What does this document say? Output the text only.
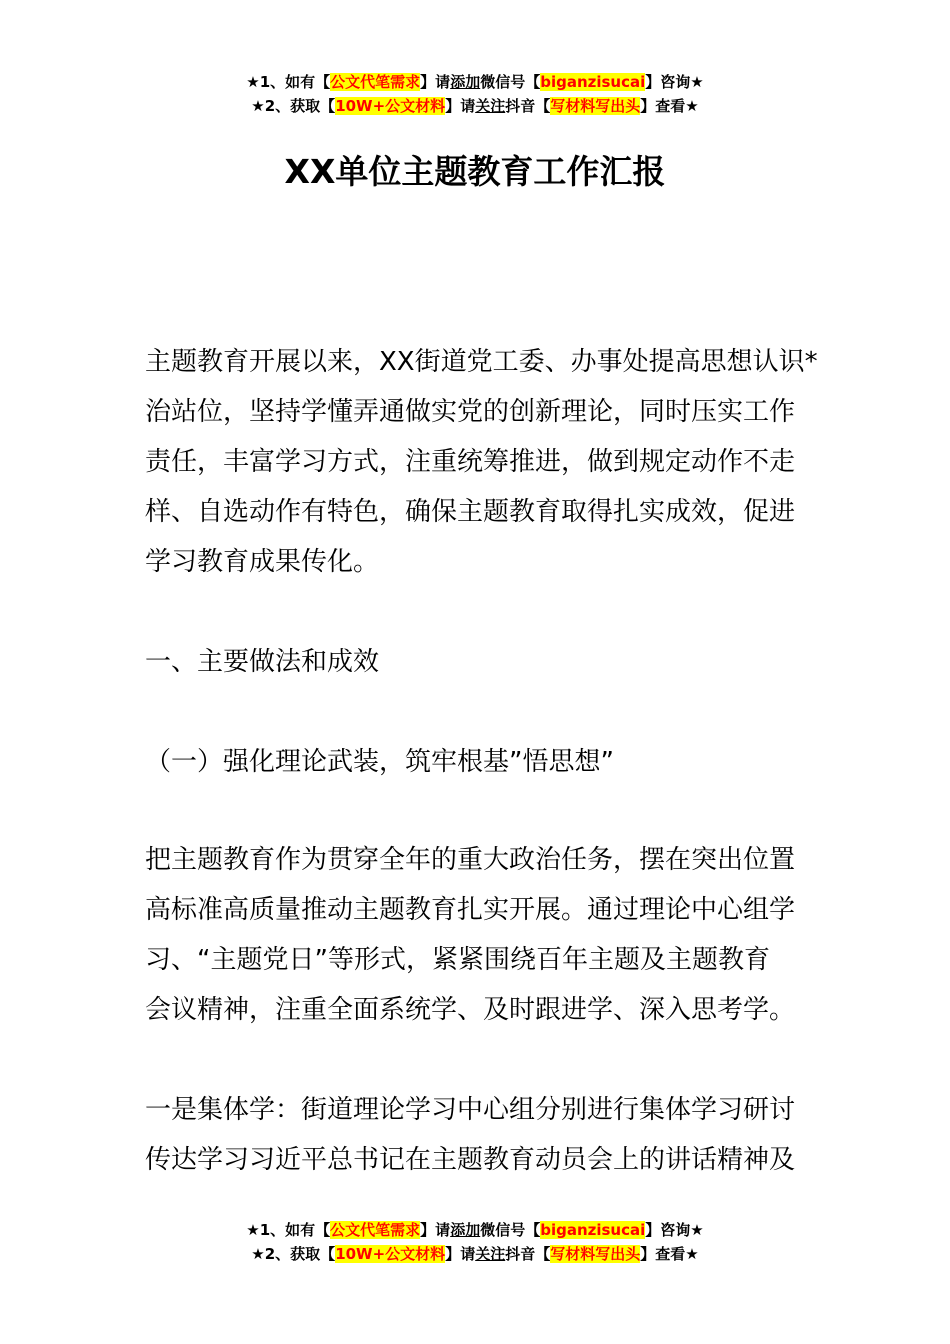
★1、如有【公文代笔需求】请添加微信号【biganzisucai】咨询★
★2、获取【10W+公文材料】请关注抖音【写材料写出头】查看★
XX单位主题教育工作汇报
主题教育开展以来，XX街道党工委、办事处提高思想认识*
治站位，坚持学懂弄通做实党的创新理论，同时压实工作
责任，丰富学习方式，注重统筹推进，做到规定动作不走
样、自选动作有特色，确保主题教育取得扎实成效，促进
学习教育成果传化。
一、主要做法和成效
（一）强化理论武装，筑牢根基”悟思想”
把主题教育作为贯穿全年的重大政治任务，摆在突出位置
高标准高质量推动主题教育扎实开展。通过理论中心组学
习、“主题党日”等形式，紧紧围绕百年主题及主题教育
会议精神，注重全面系统学、及时跟进学、深入思考学。
一是集体学：街道理论学习中心组分别进行集体学习研讨
传达学习习近平总书记在主题教育动员会上的讲话精神及
★1、如有【公文代笔需求】请添加微信号【biganzisucai】咨询★
★2、获取【10W+公文材料】请关注抖音【写材料写出头】查看★
